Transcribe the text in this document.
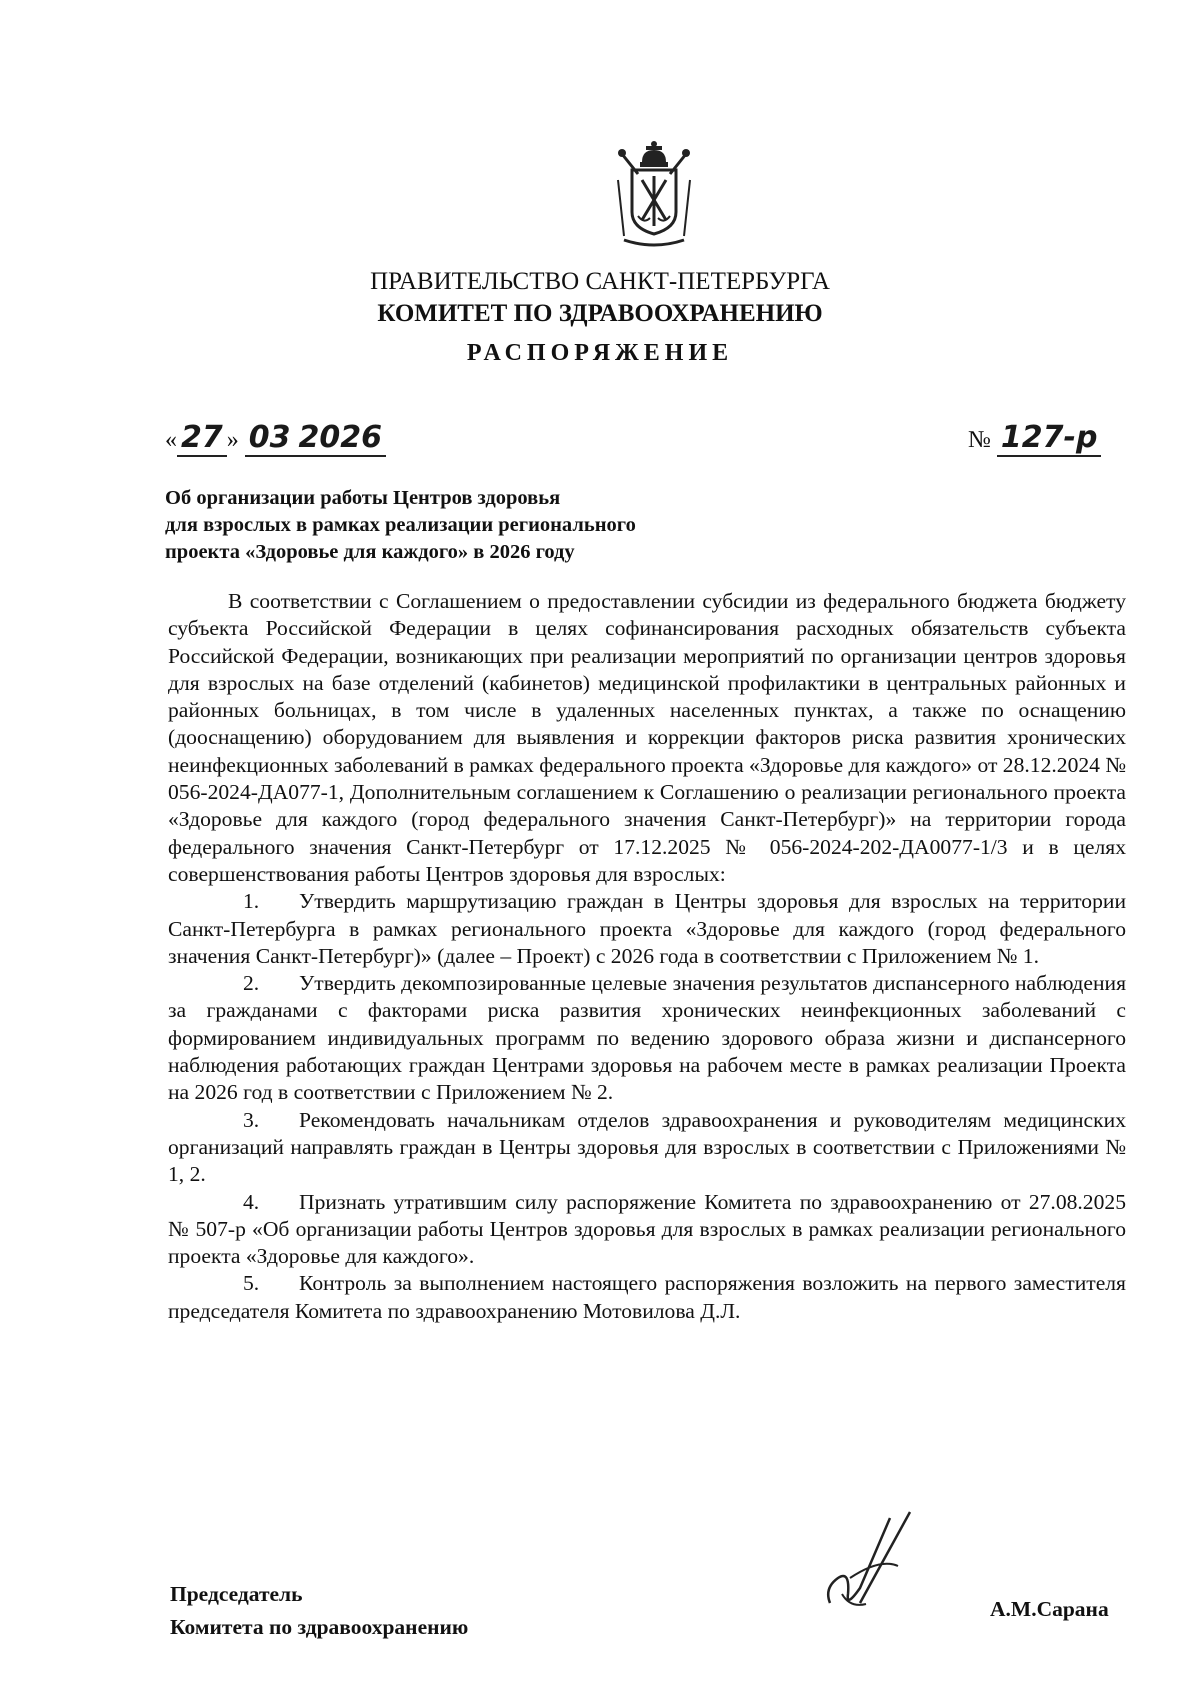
ПРАВИТЕЛЬСТВО САНКТ-ПЕТЕРБУРГА
КОМИТЕТ ПО ЗДРАВООХРАНЕНИЮ
РАСПОРЯЖЕНИЕ
« 27 » 03 2026	№ 127-р
Об организации работы Центров здоровья
для взрослых в рамках реализации регионального
проекта «Здоровье для каждого» в 2026 году

В соответствии с Соглашением о предоставлении субсидии из федерального бюджета бюджету субъекта Российской Федерации в целях софинансирования расходных обязательств субъекта Российской Федерации, возникающих при реализации мероприятий по организации центров здоровья для взрослых на базе отделений (кабинетов) медицинской профилактики в центральных районных и районных больницах, в том числе в удаленных населенных пунктах, а также по оснащению (дооснащению) оборудованием для выявления и коррекции факторов риска развития хронических неинфекционных заболеваний в рамках федерального проекта «Здоровье для каждого» от 28.12.2024 № 056-2024-ДА077-1, Дополнительным соглашением к Соглашению о реализации регионального проекта «Здоровье для каждого (город федерального значения Санкт-Петербург)» на территории города федерального значения Санкт-Петербург от 17.12.2025 № 056-2024-202-ДА0077-1/3 и в целях совершенствования работы Центров здоровья для взрослых:

1. Утвердить маршрутизацию граждан в Центры здоровья для взрослых на территории Санкт-Петербурга в рамках регионального проекта «Здоровье для каждого (город федерального значения Санкт-Петербург)» (далее – Проект) с 2026 года в соответствии с Приложением № 1.

2. Утвердить декомпозированные целевые значения результатов диспансерного наблюдения за гражданами с факторами риска развития хронических неинфекционных заболеваний с формированием индивидуальных программ по ведению здорового образа жизни и диспансерного наблюдения работающих граждан Центрами здоровья на рабочем месте в рамках реализации Проекта на 2026 год в соответствии с Приложением № 2.

3. Рекомендовать начальникам отделов здравоохранения и руководителям медицинских организаций направлять граждан в Центры здоровья для взрослых в соответствии с Приложениями № 1, 2.

4. Признать утратившим силу распоряжение Комитета по здравоохранению от 27.08.2025 № 507-р «Об организации работы Центров здоровья для взрослых в рамках реализации регионального проекта «Здоровье для каждого».

5. Контроль за выполнением настоящего распоряжения возложить на первого заместителя председателя Комитета по здравоохранению Мотовилова Д.Л.

Председатель
Комитета по здравоохранению
А.М.Сарана
